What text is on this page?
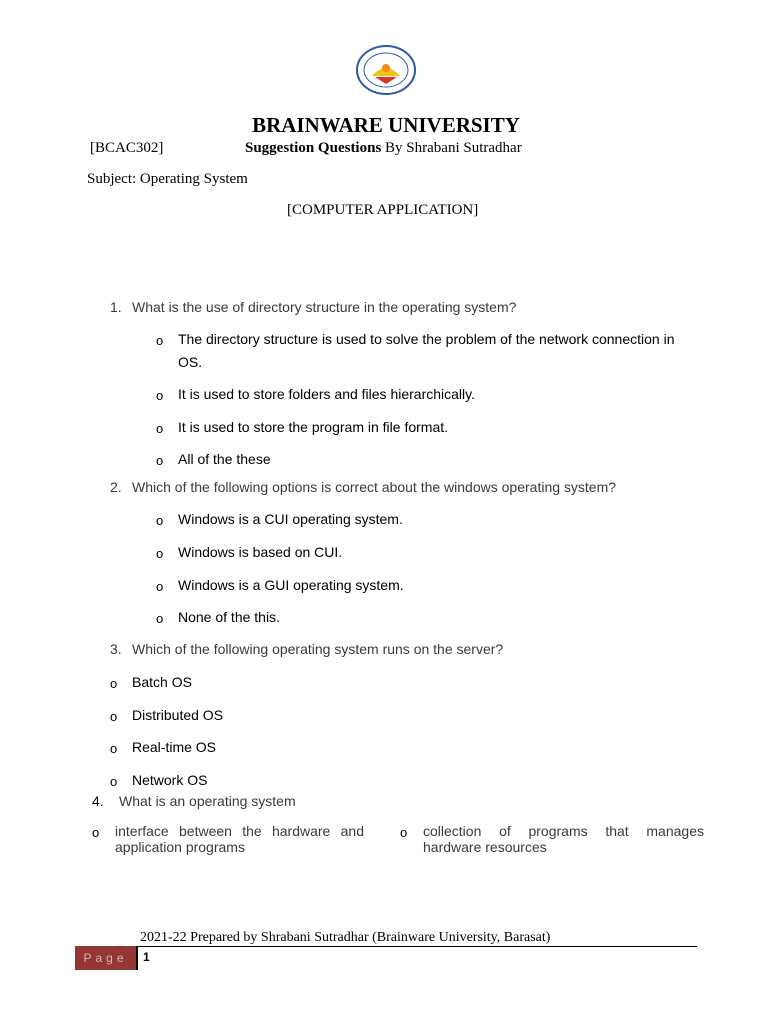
BRAINWARE UNIVERSITY
[BCAC302]	Suggestion Questions By Shrabani Sutradhar
Subject: Operating System
[COMPUTER APPLICATION]
1. What is the use of directory structure in the operating system?
o The directory structure is used to solve the problem of the network connection in
OS.
o It is used to store folders and files hierarchically.
o It is used to store the program in file format.
o All of the these
2. Which of the following options is correct about the windows operating system?
o Windows is a CUI operating system.
o Windows is based on CUI.
o Windows is a GUI operating system.
o None of the this.
3. Which of the following operating system runs on the server?
o Batch OS
o Distributed OS
o Real-time OS
o Network OS
4. What is an operating system
o interface between the hardware and
application programs
o collection of programs that manages
hardware resources
2021-22 Prepared by Shrabani Sutradhar (Brainware University, Barasat)
Page	1
